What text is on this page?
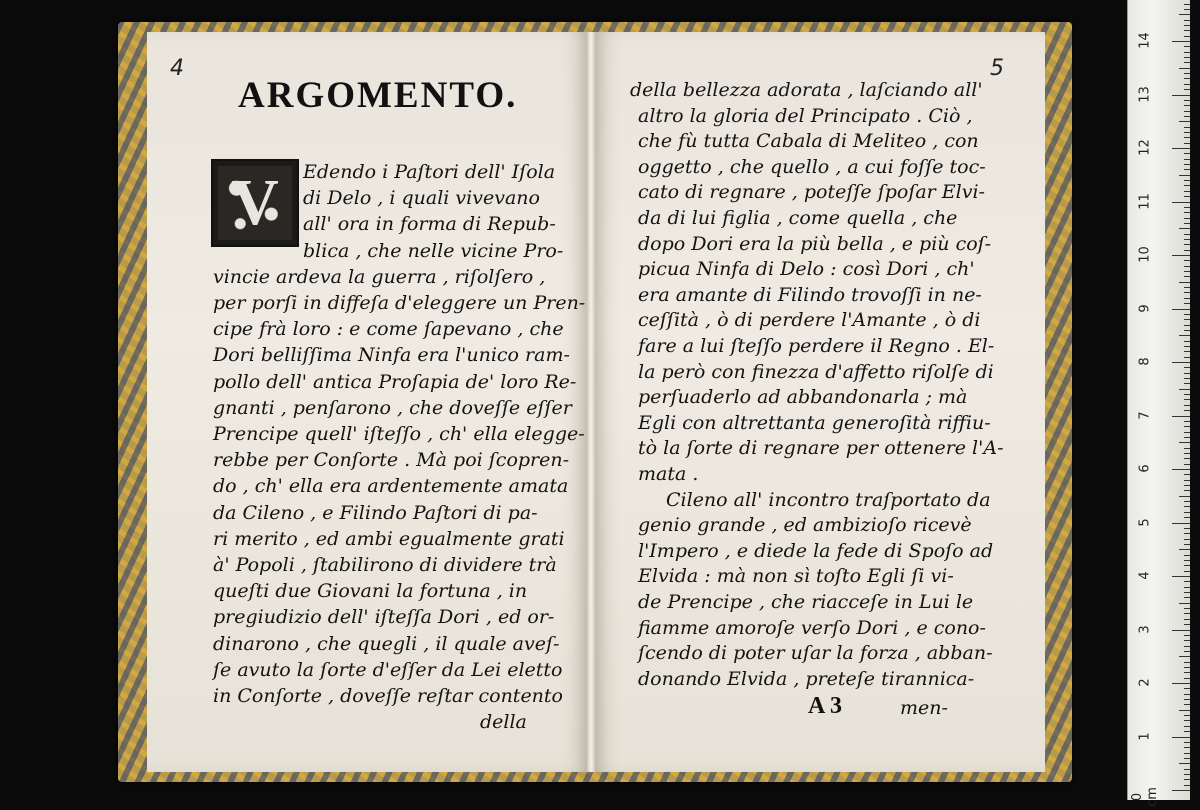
4	5
ARGOMENTO.
V	Edendo i Paſtori dell' Iſola
di Delo , i quali vivevano
all' ora in forma di Repub-
blica , che nelle vicine Pro-
vincie ardeva la guerra , riſolſero ,
per porſi in diffeſa d'eleggere un Pren-
cipe frà loro : e come ſapevano , che
Dori belliſſima Ninfa era l'unico ram-
pollo dell' antica Proſapia de' loro Re-
gnanti , penſarono , che doveſſe eſſer
Prencipe quell' iſteſſo , ch' ella elegge-
rebbe per Conſorte . Mà poi ſcopren-
do , ch' ella era ardentemente amata
da Cileno , e Filindo Paſtori di pa-
ri merito , ed ambi egualmente grati
à' Popoli , ſtabilirono di dividere trà
queſti due Giovani la fortuna , in
pregiudizio dell' iſteſſa Dori , ed or-
dinarono , che quegli , il quale aveſ-
ſe avuto la ſorte d'eſſer da Lei eletto
in Conſorte , doveſſe reſtar contento
della
della bellezza adorata , laſciando all'
altro la gloria del Principato . Ciò ,
che fù tutta Cabala di Meliteo , con
oggetto , che quello , a cui foſſe toc-
cato di regnare , poteſſe ſpoſar Elvi-
da di lui figlia , come quella , che
dopo Dori era la più bella , e più coſ-
picua Ninfa di Delo : così Dori , ch'
era amante di Filindo trovoſſi in ne-
ceſſità , ò di perdere l'Amante , ò di
fare a lui ſteſſo perdere il Regno . El-
la però con finezza d'affetto riſolſe di
perſuaderlo ad abbandonarla ; mà
Egli con altrettanta generoſità riffiu-
tò la ſorte di regnare per ottenere l'A-
mata .
Cileno all' incontro traſportato da
genio grande , ed ambizioſo ricevè
l'Impero , e diede la fede di Spoſo ad
Elvida : mà non sì toſto Egli ſi vi-
de Prencipe , che riacceſe in Lui le
fiamme amoroſe verſo Dori , e cono-
ſcendo di poter uſar la forza , abban-
donando Elvida , preteſe tirannica-
A 3	men-
0 cm
1
2
3
4
5
6
7
8
9
10
11
12
13
14
